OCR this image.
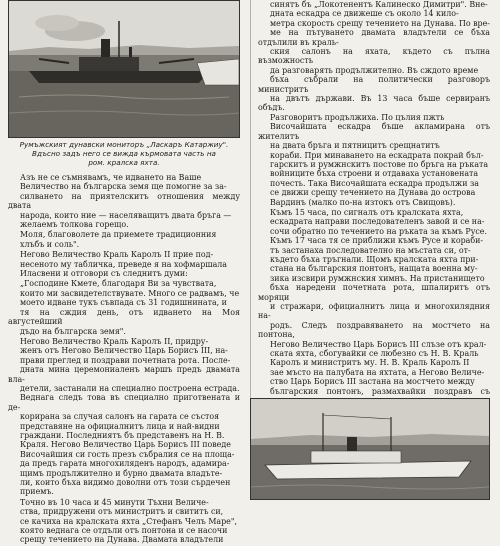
Румъжският дунавски мониторъ „Ласкаръ Катаржиу".
Вдъсно задъ него се вижда кърмовата часть на
ром. кралска яхта.
Азъ не се съмнявамъ, че идването на Ваше
Величество на българска земя ще помогне за за-
силването на приятелскитъ отношения между двата
народа, които ние — населяващитъ двата бръга —
желаемъ толкова горещо.
Моля, благоволете да приемете традиционния
хлъбъ и соль".
Негово Величество Краль Каролъ II прие под-
несеното му табличка, преведе я на хофмаршала
Иласвени и отговори съ следнитъ думи:
„Господине Кмете, благодаря Ви за чувствата,
които ми засвидетелствувате. Много се радвамъ, че
моето идване тукъ съвпада съ 31 годишнината, и
тя на сждия день, отъ идването на Моя августейший
дъдо на българска земя".
Негово Величество Краль Каролъ II, придру-
женъ отъ Негово Величество Царь Борисъ III, на-
прави преглед и поздрави почетната рота. После-
дната мина церемониаленъ маршъ предъ двамата вла-
детели, застанали на специално построена естрада.
Веднага следъ това въ специално приготвената и де-
корирана за случая салонъ на гарата се състоя
представяне на официалнитъ лица и най-видни
граждани. Последниятъ бъ представенъ на Н. В.
Краля. Негово Величество Царь Борисъ III поведе
Височайшия си гость презъ събралия се на площа-
да предъ гарата многохиляденъ народъ, адамира-
щимъ продължително и бурно двамата владъте-
ли, които бъха видимо доволни отъ този сърдечен
приемъ.
Точно въ 10 часа и 45 минути Тъхни Величе-
ства, придружени отъ министритъ и свититъ си,
се качиха на кралската яхта „Стефанъ Челъ Маре",
която веднага се отдъли отъ понтона и се насочи
срещу течението на Дунава. Двамата владътели
синятъ бъ „Локотенентъ Калинеско Димитри". Вне-
дната ескадра се движеше съ около 14 кило-
метра скорость срещу течението на Дунава. По вре-
ме на пътуването двамата владътели се бъха отдълили въ краль-
ския салонъ на яхата, където съ пълна възможность
да разговарять продължително. Въ сждото време
бъха събрали на политически разговоръ министритъ
на двътъ държави. Въ 13 часа бъше сервиранъ объдъ.
Разговоритъ продължиха. По цълия пжть
Височайшата ескадра бъше акламирана отъ жителитъ
на двата бръга и пятницитъ срещнатитъ
кораби. При минаването на ескадрата покрай бъл-
гарскитъ и румжнскитъ постове по бръга на ръката
войниците бъха строени и отдаваха установената
почесть. Така Височайшата ескадра продължи за
се движи срещу течението на Дунава до острова
Вардинъ (малко по-на изтокъ отъ Свищовъ).
Къмъ 15 часа, по сигналъ отъ кралската яхта,
ескадрата направи последователенъ завой и се на-
сочи обратно по течението на ръката за къмъ Русе.
Къмъ 17 часа тя се приближи къмъ Русе и кораби-
тъ застанаха последователно на мъстата си, от-
където бъха тръгнали. Щомъ кралската яхта при-
стана на българския понтонъ, нащата военна му-
зика изсвири румжнския химнъ. На пристанището
бъха наредени почетната рота, шпалиритъ отъ моряци
и стражари, официалнитъ лица и многохилядния на-
родъ. Следъ поздравяването на мостчето на понтона,
Негово Величество Царь Борисъ III слъзе отъ крал-
ската яхта, сбогувайки се любезно съ Н. В. Краль
Каролъ и министритъ му. Н. В. Краль Каролъ II
зае мъсто на палубата на яхтата, а Негово Величе-
ство Царь Борисъ III застана на мостчето между
българския понтонъ, размахвайки поздравъ съ
